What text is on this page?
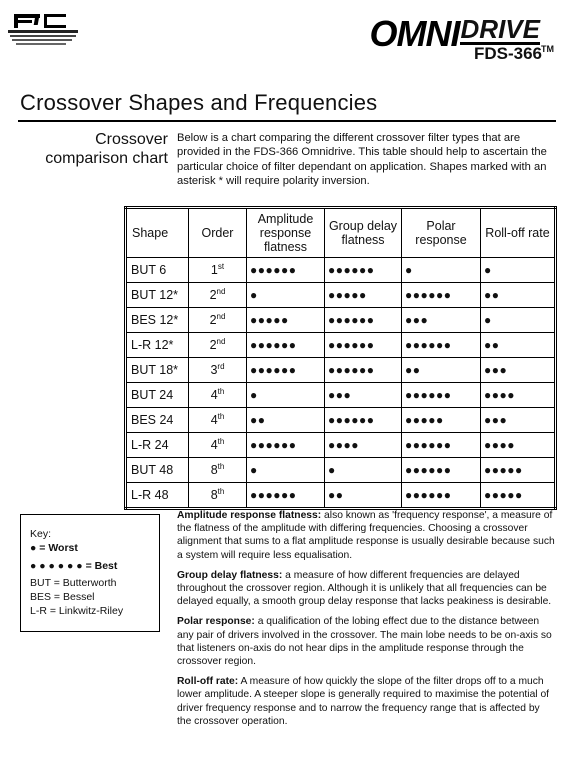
OMNI DRIVE
TM
FDS-366
Crossover Shapes and Frequencies
Crossover
comparison chart

Below is a chart comparing the different crossover filter types that are provided in the FDS-366 Omnidrive. This table should help to ascertain the particular choice of filter dependant on application. Shapes marked with an asterisk * will require polarity inversion.

Shape	Order	Amplitude response flatness	Group delay flatness	Polar response	Roll-off rate
BUT 6	1st	●●●●●●	●●●●●●	●	●
BUT 12*	2nd	●	●●●●●	●●●●●●	●●
BES 12*	2nd	●●●●●	●●●●●●	●●●	●
L-R 12*	2nd	●●●●●●	●●●●●●	●●●●●●	●●
BUT 18*	3rd	●●●●●●	●●●●●●	●●	●●●
BUT 24	4th	●	●●●	●●●●●●	●●●●
BES 24	4th	●●	●●●●●●	●●●●●	●●●
L-R 24	4th	●●●●●●	●●●●	●●●●●●	●●●●
BUT 48	8th	●	●	●●●●●●	●●●●●
L-R 48	8th	●●●●●●	●●	●●●●●●	●●●●●
Key:
● = Worst
● ● ● ● ● ● = Best
BUT = Butterworth
BES = Bessel
L-R = Linkwitz-Riley

Amplitude response flatness: also known as 'frequency response', a measure of the flatness of the amplitude with differing frequencies. Choosing a crossover alignment that sums to a flat amplitude response is usually desirable because such a system will require less equalisation.

Group delay flatness: a measure of how different frequencies are delayed throughout the crossover region. Although it is unlikely that all frequencies can be delayed equally, a smooth group delay response that lacks peakiness is desirable.

Polar response: a qualification of the lobing effect due to the distance between any pair of drivers involved in the crossover. The main lobe needs to be on-axis so that listeners on-axis do not hear dips in the amplitude response through the crossover region.

Roll-off rate: A measure of how quickly the slope of the filter drops off to a much lower amplitude. A steeper slope is generally required to maximise the potential of driver frequency response and to narrow the frequency range that is affected by the crossover operation.
